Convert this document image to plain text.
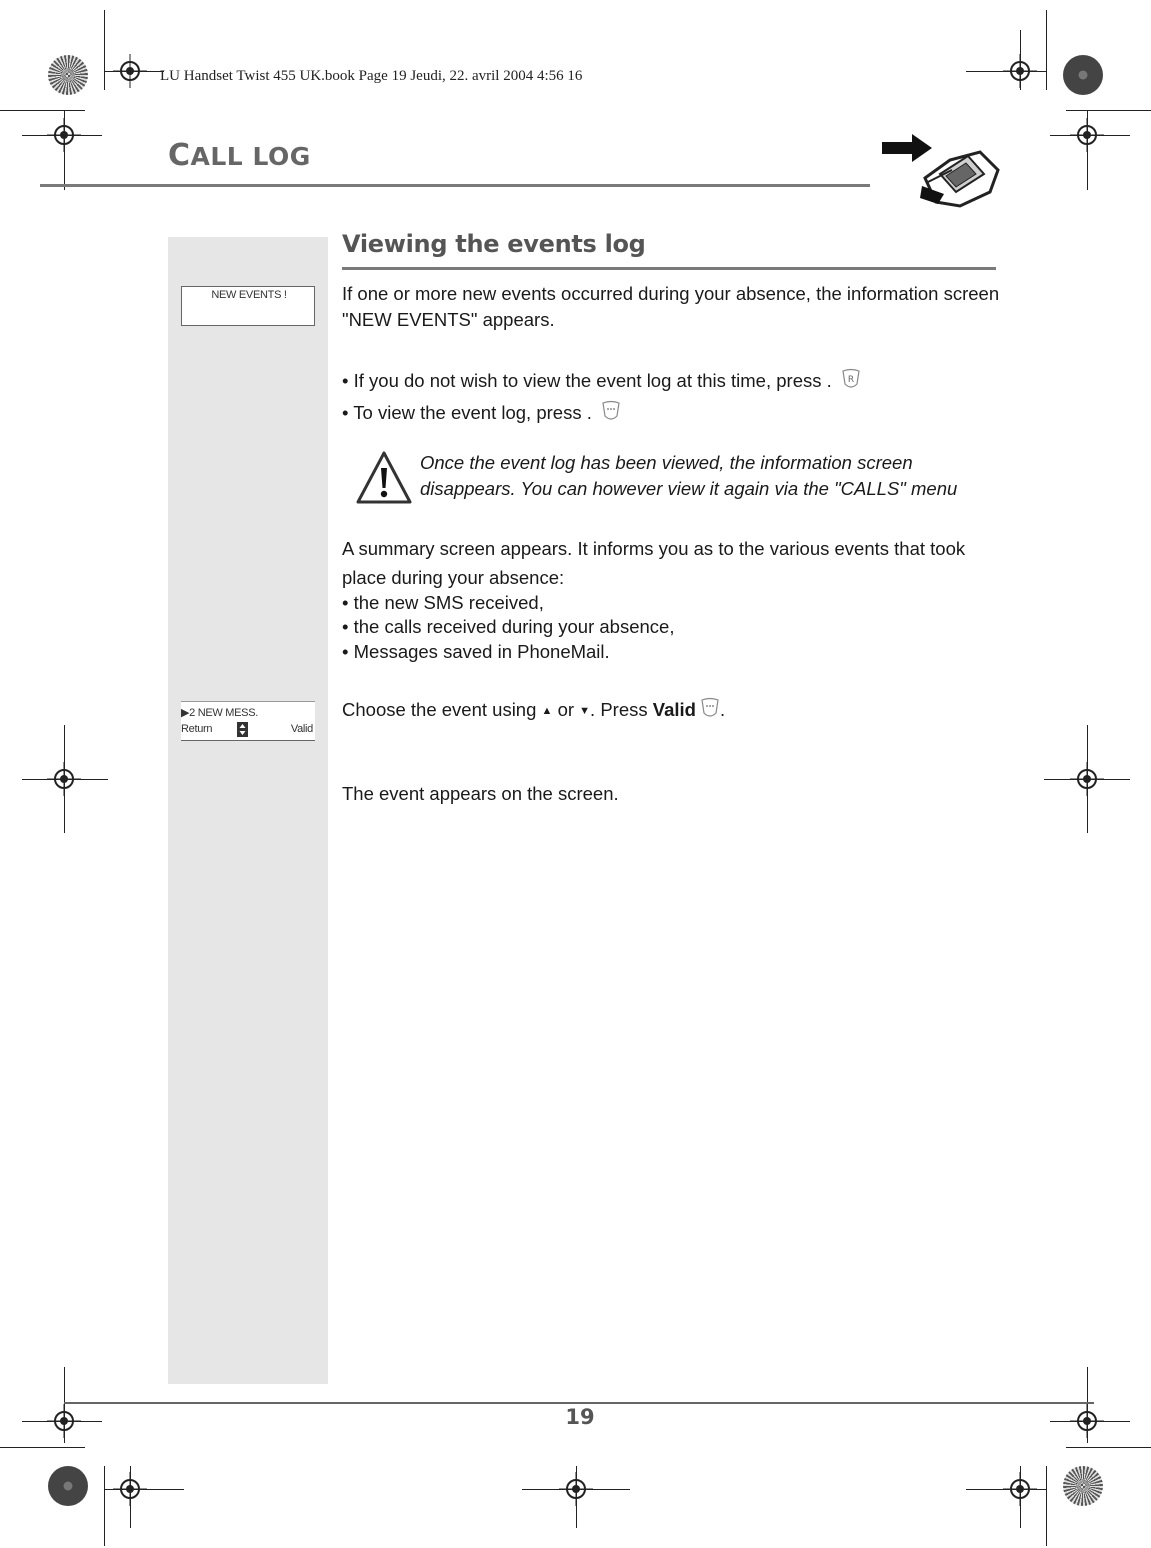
LU Handset Twist 455 UK.book Page 19 Jeudi, 22. avril 2004 4:56 16
CALL LOG
NEW EVENTS !
▶2 NEW MESS.
Return	Valid
Viewing the events log
If one or more new events occurred during your absence, the information screen "NEW EVENTS" appears.
• If you do not wish to view the event log at this time, press . R
• To view the event log, press .
Once the event log has been viewed, the information screen disappears. You can however view it again via the "CALLS" menu
A summary screen appears. It informs you as to the various events that took place during your absence:
• the new SMS received,
• the calls received during your absence,
• Messages saved in PhoneMail.
Choose the event using ▲ or ▼. Press Valid .
The event appears on the screen.
19
